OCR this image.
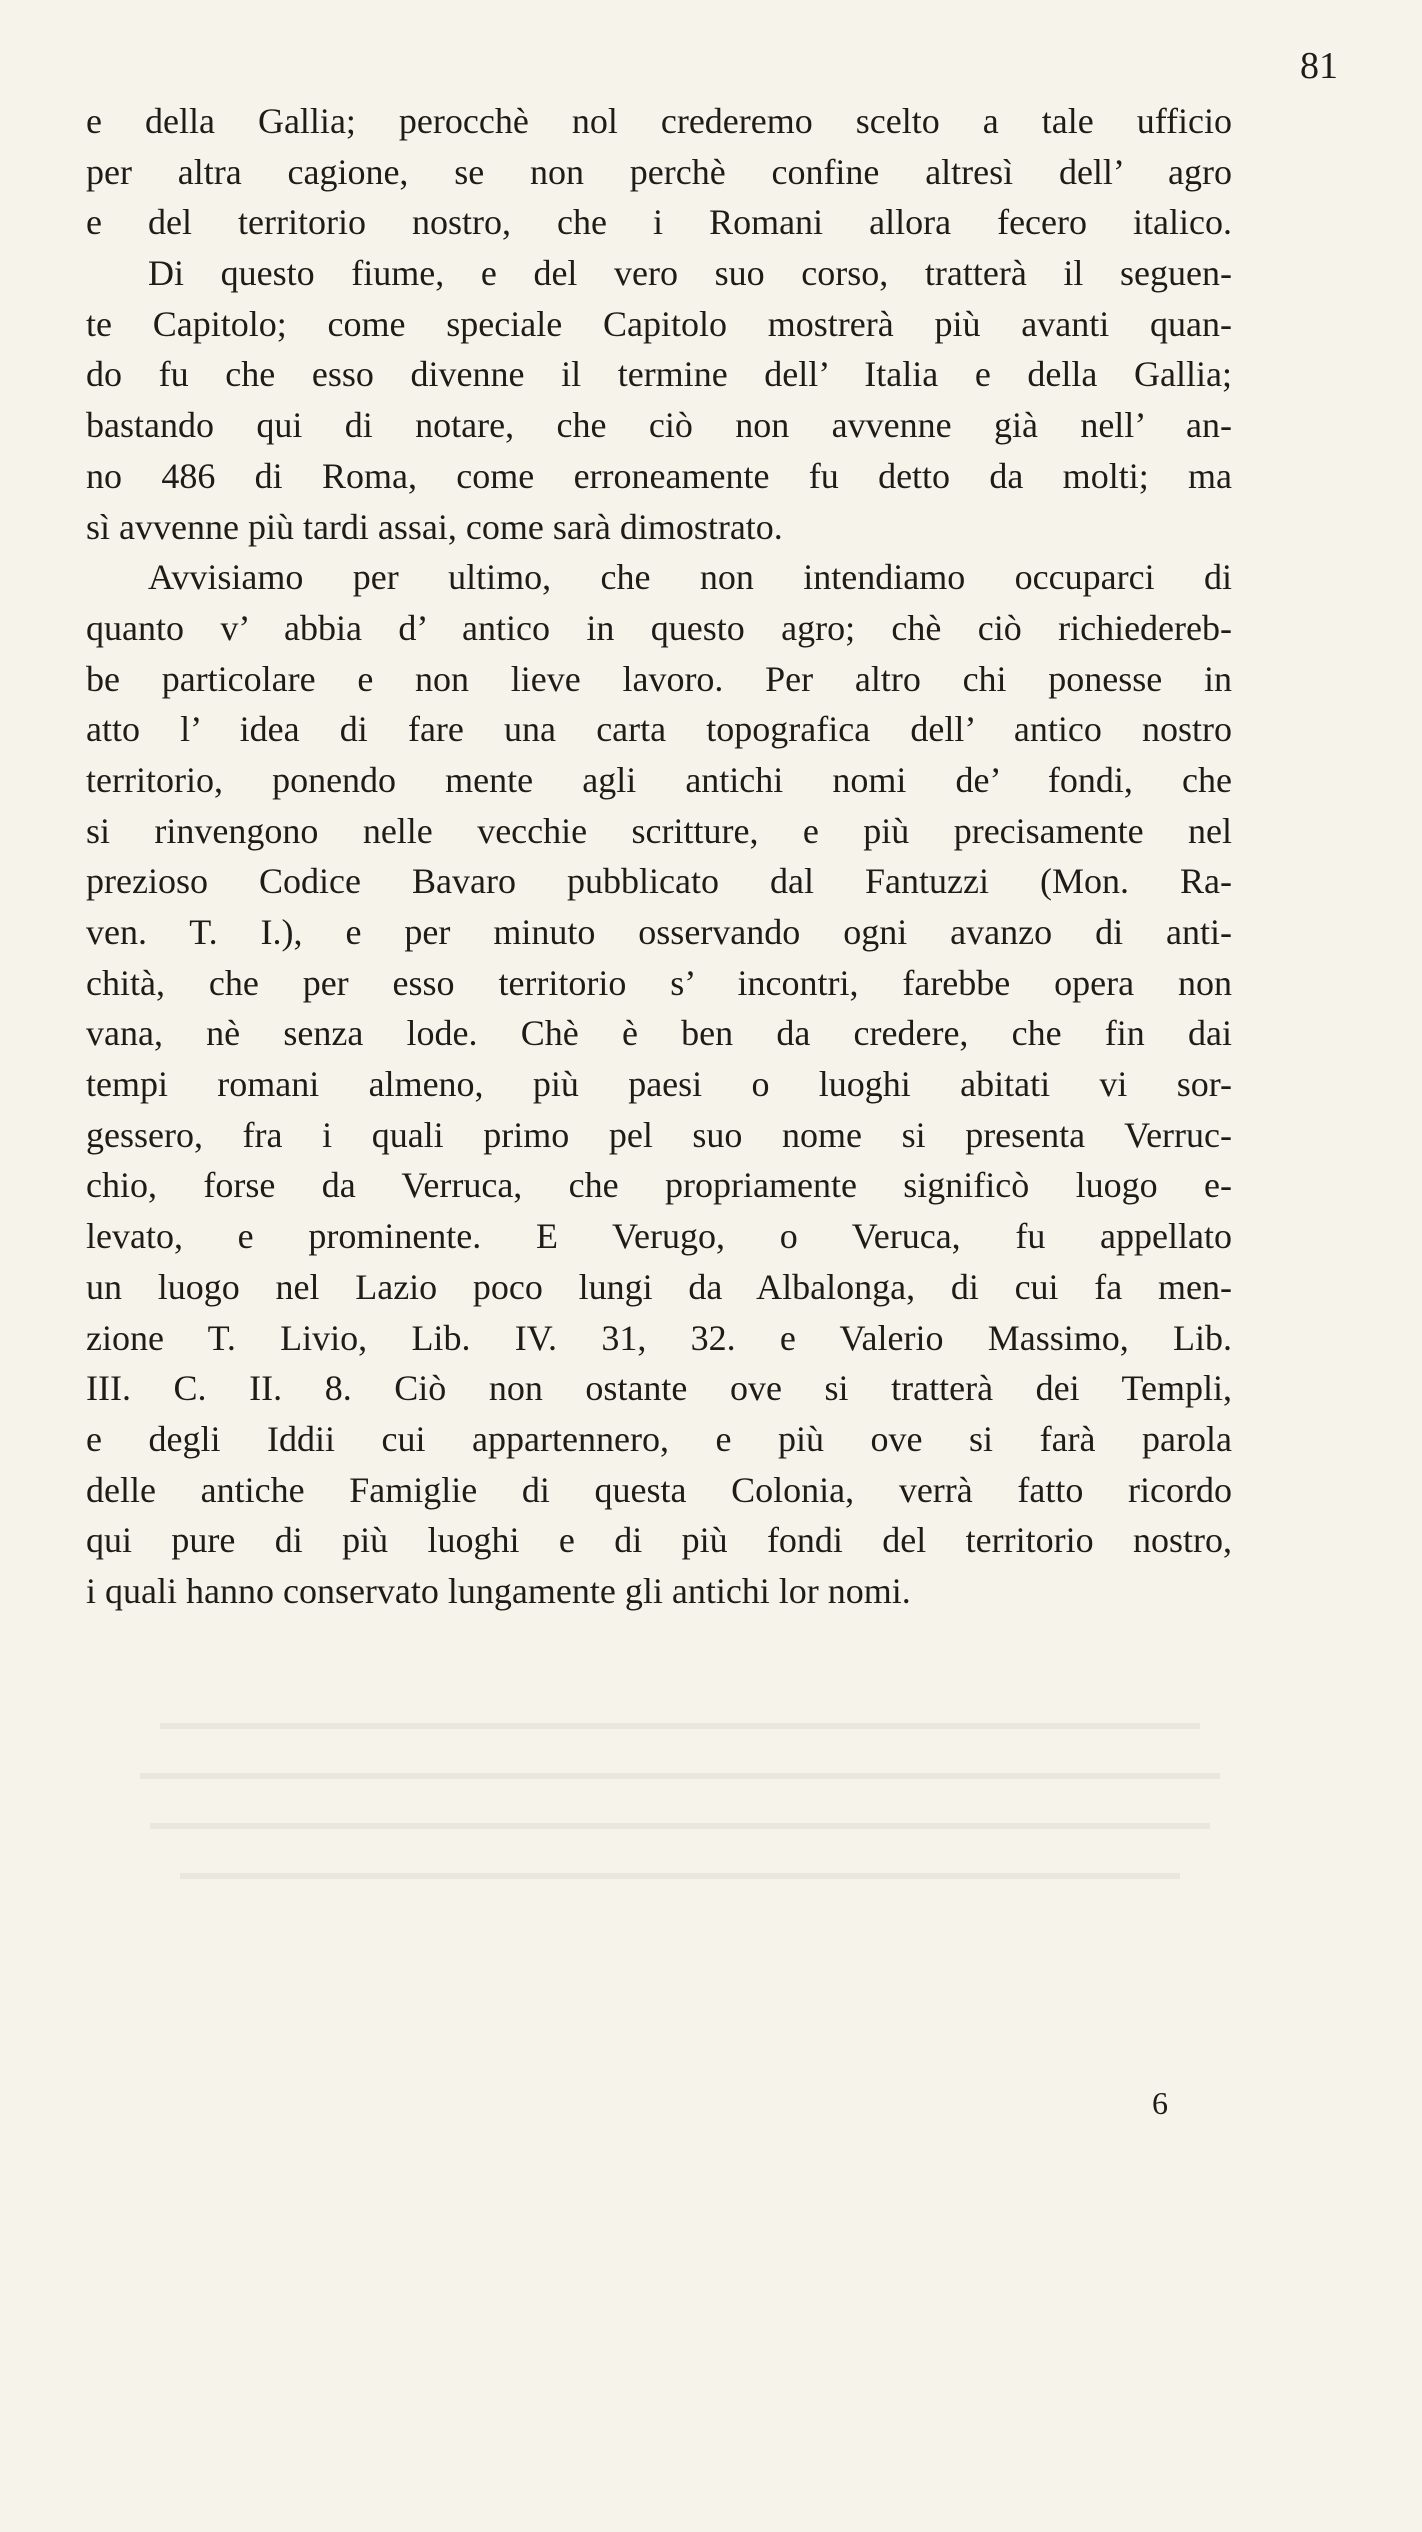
81
e della Gallia; perocchè nol crederemo scelto a tale ufficio
per altra cagione, se non perchè confine altresì dell’ agro
e del territorio nostro, che i Romani allora fecero italico.
Di questo fiume, e del vero suo corso, tratterà il seguen-
te Capitolo; come speciale Capitolo mostrerà più avanti quan-
do fu che esso divenne il termine dell’ Italia e della Gallia;
bastando qui di notare, che ciò non avvenne già nell’ an-
no 486 di Roma, come erroneamente fu detto da molti; ma
sì avvenne più tardi assai, come sarà dimostrato.
Avvisiamo per ultimo, che non intendiamo occuparci di
quanto v’ abbia d’ antico in questo agro; chè ciò richiedereb-
be particolare e non lieve lavoro. Per altro chi ponesse in
atto l’ idea di fare una carta topografica dell’ antico nostro
territorio, ponendo mente agli antichi nomi de’ fondi, che
si rinvengono nelle vecchie scritture, e più precisamente nel
prezioso Codice Bavaro pubblicato dal Fantuzzi (Mon. Ra-
ven. T. I.), e per minuto osservando ogni avanzo di anti-
chità, che per esso territorio s’ incontri, farebbe opera non
vana, nè senza lode. Chè è ben da credere, che fin dai
tempi romani almeno, più paesi o luoghi abitati vi sor-
gessero, fra i quali primo pel suo nome si presenta Verruc-
chio, forse da Verruca, che propriamente significò luogo e-
levato, e prominente. E Verugo, o Veruca, fu appellato
un luogo nel Lazio poco lungi da Albalonga, di cui fa men-
zione T. Livio, Lib. IV. 31, 32. e Valerio Massimo, Lib.
III. C. II. 8. Ciò non ostante ove si tratterà dei Templi,
e degli Iddii cui appartennero, e più ove si farà parola
delle antiche Famiglie di questa Colonia, verrà fatto ricordo
qui pure di più luoghi e di più fondi del territorio nostro,
i quali hanno conservato lungamente gli antichi lor nomi.
6
